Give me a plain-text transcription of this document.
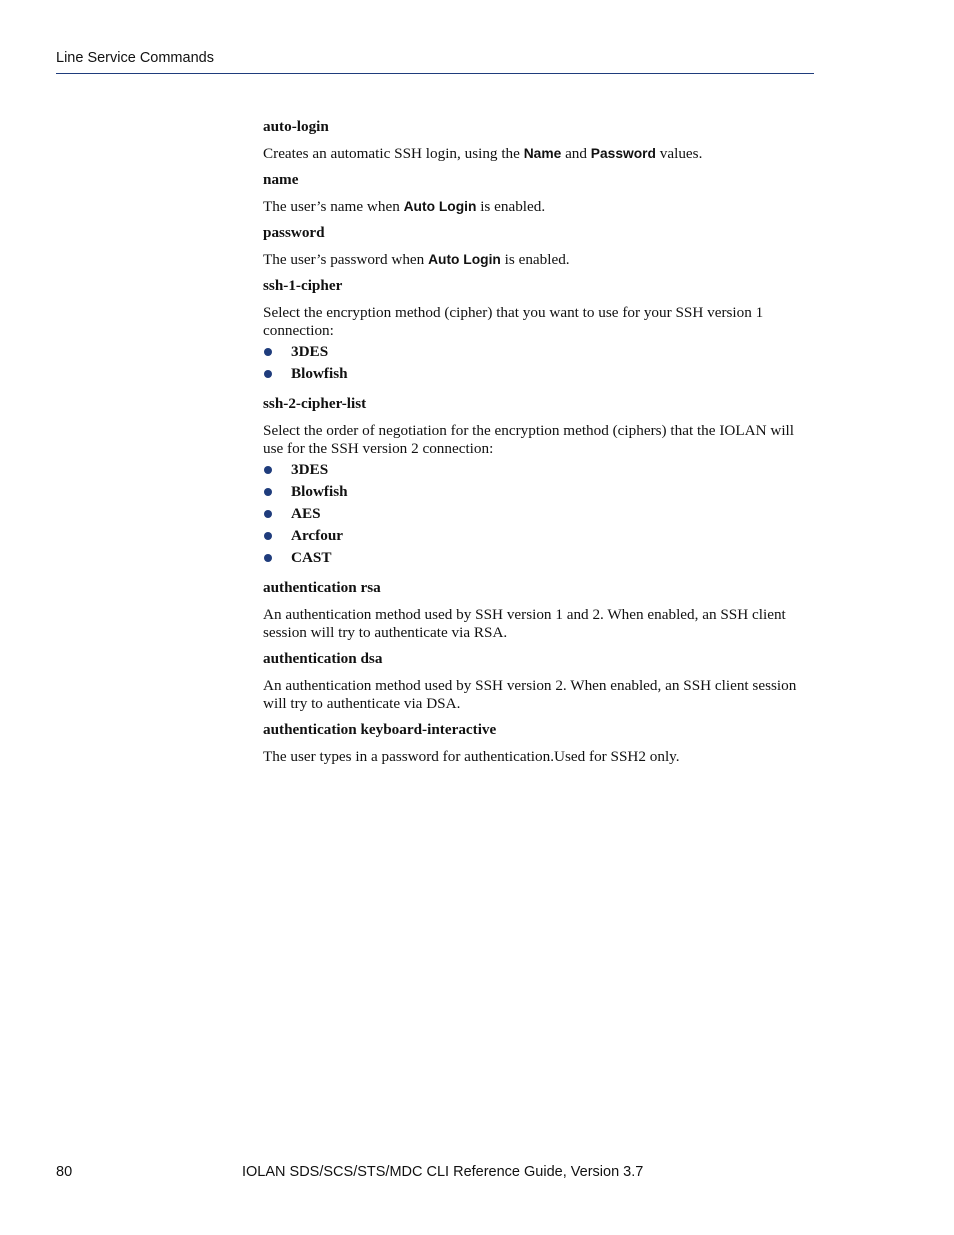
Line Service Commands
auto-login
Creates an automatic SSH login, using the Name and Password values.
name
The user’s name when Auto Login is enabled.
password
The user’s password when Auto Login is enabled.
ssh-1-cipher
Select the encryption method (cipher) that you want to use for your SSH version 1 connection:
3DES
Blowfish
ssh-2-cipher-list
Select the order of negotiation for the encryption method (ciphers) that the IOLAN will use for the SSH version 2 connection:
3DES
Blowfish
AES
Arcfour
CAST
authentication rsa
An authentication method used by SSH version 1 and 2. When enabled, an SSH client session will try to authenticate via RSA.
authentication dsa
An authentication method used by SSH version 2. When enabled, an SSH client session will try to authenticate via DSA.
authentication keyboard-interactive
The user types in a password for authentication.Used for SSH2 only.
80	IOLAN SDS/SCS/STS/MDC CLI Reference Guide, Version 3.7
